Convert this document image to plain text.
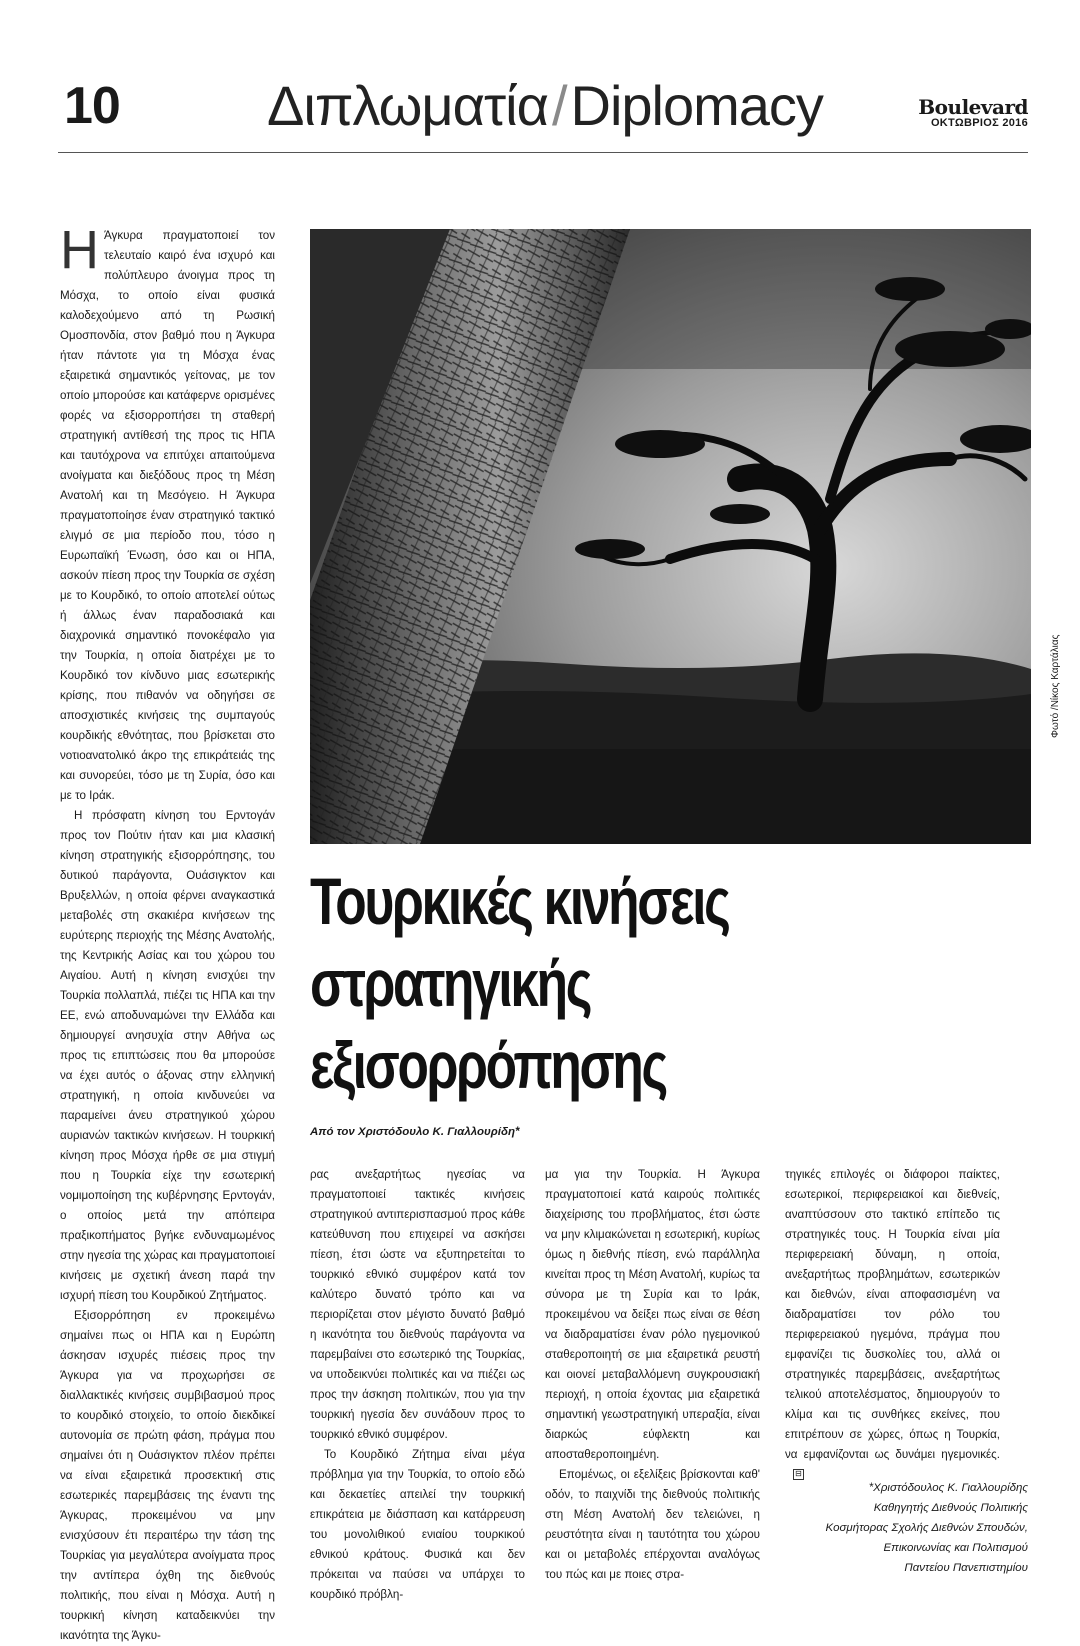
10	Διπλωματία/Diplomacy	Boulevard
ΟΚΤΩΒΡΙΟΣ 2016

Η Άγκυρα πραγματοποιεί τον τελευταίο καιρό ένα ισχυρό και πολύπλευρο άνοιγμα προς τη Μόσχα, το οποίο είναι φυσικά καλοδεχούμενο από τη Ρωσική Ομοσπονδία, στον βαθμό που η Άγκυρα ήταν πάντοτε για τη Μόσχα ένας εξαιρετικά σημαντικός γείτονας, με τον οποίο μπορούσε και κατάφερνε ορισμένες φορές να εξισορροπήσει τη σταθερή στρατηγική αντίθεσή της προς τις ΗΠΑ και ταυτόχρονα να επιτύχει απαιτούμενα ανοίγματα και διεξόδους προς τη Μέση Ανατολή και τη Μεσόγειο. Η Άγκυρα πραγματοποίησε έναν στρατηγικό τακτικό ελιγμό σε μια περίοδο που, τόσο η Ευρωπαϊκή Ένωση, όσο και οι ΗΠΑ, ασκούν πίεση προς την Τουρκία σε σχέση με το Κουρδικό, το οποίο αποτελεί ούτως ή άλλως έναν παραδοσιακά και διαχρονικά σημαντικό πονοκέφαλο για την Τουρκία, η οποία διατρέχει με το Κουρδικό τον κίνδυνο μιας εσωτερικής κρίσης, που πιθανόν να οδηγήσει σε αποσχιστικές κινήσεις της συμπαγούς κουρδικής εθνότητας, που βρίσκεται στο νοτιοανατολικό άκρο της επικράτειάς της και συνορεύει, τόσο με τη Συρία, όσο και με το Ιράκ.

Η πρόσφατη κίνηση του Ερντογάν προς τον Πούτιν ήταν και μια κλασική κίνηση στρατηγικής εξισορρόπησης, του δυτικού παράγοντα, Ουάσιγκτον και Βρυξελλών, η οποία φέρνει αναγκαστικά μεταβολές στη σκακιέρα κινήσεων της ευρύτερης περιοχής της Μέσης Ανατολής, της Κεντρικής Ασίας και του χώρου του Αιγαίου. Αυτή η κίνηση ενισχύει την Τουρκία πολλαπλά, πιέζει τις ΗΠΑ και την ΕΕ, ενώ αποδυναμώνει την Ελλάδα και δημιουργεί ανησυχία στην Αθήνα ως προς τις επιπτώσεις που θα μπορούσε να έχει αυτός ο άξονας στην ελληνική στρατηγική, η οποία κινδυνεύει να παραμείνει άνευ στρατηγικού χώρου αυριανών τακτικών κινήσεων. Η τουρκική κίνηση προς Μόσχα ήρθε σε μια στιγμή που η Τουρκία είχε την εσωτερική νομιμοποίηση της κυβέρνησης Ερντογάν, ο οποίος μετά την απόπειρα πραξικοπήματος βγήκε ενδυναμωμένος στην ηγεσία της χώρας και πραγματοποιεί κινήσεις με σχετική άνεση παρά την ισχυρή πίεση του Κουρδικού Ζητήματος.

Εξισορρόπηση εν προκειμένω σημαίνει πως οι ΗΠΑ και η Ευρώπη άσκησαν ισχυρές πιέσεις προς την Άγκυρα για να προχωρήσει σε διαλλακτικές κινήσεις συμβιβασμού προς το κουρδικό στοιχείο, το οποίο διεκδικεί αυτονομία σε πρώτη φάση, πράγμα που σημαίνει ότι η Ουάσιγκτον πλέον πρέπει να είναι εξαιρετικά προσεκτική στις εσωτερικές παρεμβάσεις της έναντι της Άγκυρας, προκειμένου να μην ενισχύσουν έτι περαιτέρω την τάση της Τουρκίας για μεγαλύτερα ανοίγματα προς την αντίπερα όχθη της διεθνούς πολιτικής, που είναι η Μόσχα. Αυτή η τουρκική κίνηση καταδεικνύει την ικανότητα της Άγκυ-

Φωτό /Νίκος Καρτάλιας
Τουρκικές κινήσεις
στρατηγικής
εξισορρόπησης
Από τον Χριστόδουλο Κ. Γιαλλουρίδη*

ρας ανεξαρτήτως ηγεσίας να πραγματοποιεί τακτικές κινήσεις στρατηγικού αντιπερισπασμού προς κάθε κατεύθυνση που επιχειρεί να ασκήσει πίεση, έτσι ώστε να εξυπηρετείται το τουρκικό εθνικό συμφέρον κατά τον καλύτερο δυνατό τρόπο και να περιορίζεται στον μέγιστο δυνατό βαθμό η ικανότητα του διεθνούς παράγοντα να παρεμβαίνει στο εσωτερικό της Τουρκίας, να υποδεικνύει πολιτικές και να πιέζει ως προς την άσκηση πολιτικών, που για την τουρκική ηγεσία δεν συνάδουν προς το τουρκικό εθνικό συμφέρον.

Το Κουρδικό Ζήτημα είναι μέγα πρόβλημα για την Τουρκία, το οποίο εδώ και δεκαετίες απειλεί την τουρκική επικράτεια με διάσπαση και κατάρρευση του μονολιθικού ενιαίου τουρκικού εθνικού κράτους. Φυσικά και δεν πρόκειται να παύσει να υπάρχει το κουρδικό πρόβλη-

μα για την Τουρκία. Η Άγκυρα πραγματοποιεί κατά καιρούς πολιτικές διαχείρισης του προβλήματος, έτσι ώστε να μην κλιμακώνεται η εσωτερική, κυρίως όμως η διεθνής πίεση, ενώ παράλληλα κινείται προς τη Μέση Ανατολή, κυρίως τα σύνορα με τη Συρία και το Ιράκ, προκειμένου να δείξει πως είναι σε θέση να διαδραματίσει έναν ρόλο ηγεμονικού σταθεροποιητή σε μια εξαιρετικά ρευστή και οιονεί μεταβαλλόμενη συγκρουσιακή περιοχή, η οποία έχοντας μια εξαιρετικά σημαντική γεωστρατηγική υπεραξία, είναι διαρκώς εύφλεκτη και αποσταθεροποιημένη.

Επομένως, οι εξελίξεις βρίσκονται καθ' οδόν, το παιχνίδι της διεθνούς πολιτικής στη Μέση Ανατολή δεν τελειώνει, η ρευστότητα είναι η ταυτότητα του χώρου και οι μεταβολές επέρχονται αναλόγως του πώς και με ποιες στρα-

τηγικές επιλογές οι διάφοροι παίκτες, εσωτερικοί, περιφερειακοί και διεθνείς, αναπτύσσουν στο τακτικό επίπεδο τις στρατηγικές τους. Η Τουρκία είναι μία περιφερειακή δύναμη, η οποία, ανεξαρτήτως προβλημάτων, εσωτερικών και διεθνών, είναι αποφασισμένη να διαδραματίσει τον ρόλο του περιφερειακού ηγεμόνα, πράγμα που εμφανίζει τις δυσκολίες του, αλλά οι στρατηγικές παρεμβάσεις, ανεξαρτήτως τελικού αποτελέσματος, δημιουργούν το κλίμα και τις συνθήκες εκείνες, που επιτρέπουν σε χώρες, όπως η Τουρκία, να εμφανίζονται ως δυνάμει ηγεμονικές.⊟

*Χριστόδουλος Κ. Γιαλλουρίδης
Καθηγητής Διεθνούς Πολιτικής
Κοσμήτορας Σχολής Διεθνών Σπουδών,
Επικοινωνίας και Πολιτισμού
Παντείου Πανεπιστημίου
